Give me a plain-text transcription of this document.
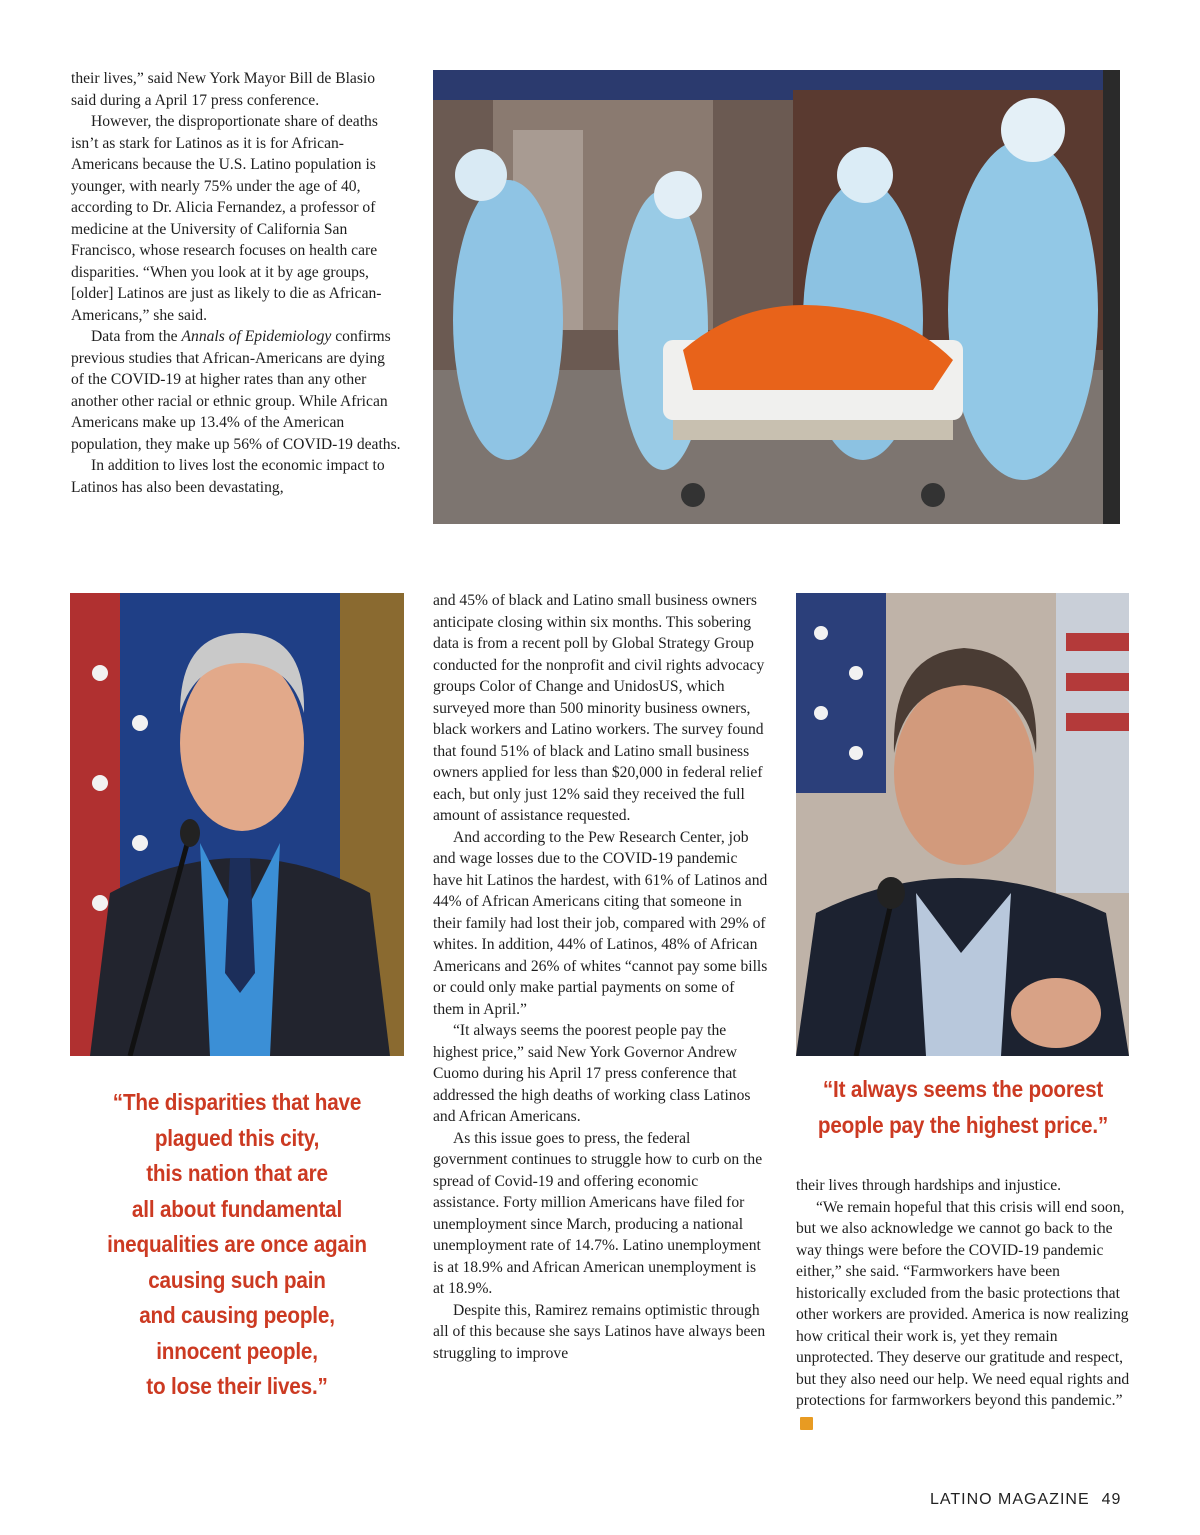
their lives,” said New York Mayor Bill de Blasio said during a April 17 press conference.

However, the disproportionate share of deaths isn’t as stark for Latinos as it is for African-Americans because the U.S. Latino population is younger, with nearly 75% under the age of 40, according to Dr. Alicia Fernandez, a professor of medicine at the University of California San Francisco, whose research focuses on health care disparities. “When you look at it by age groups, [older] Latinos are just as likely to die as African-Americans,” she said.

Data from the Annals of Epidemiology confirms previous studies that African-Americans are dying of the COVID-19 at higher rates than any other another other racial or ethnic group. While African Americans make up 13.4% of the American population, they make up 56% of COVID-19 deaths.

In addition to lives lost the economic impact to Latinos has also been devastating,

and 45% of black and Latino small business owners anticipate closing within six months. This sobering data is from a recent poll by Global Strategy Group conducted for the nonprofit and civil rights advocacy groups Color of Change and UnidosUS, which surveyed more than 500 minority business owners, black workers and Latino workers. The survey found that found 51% of black and Latino small business owners applied for less than $20,000 in federal relief each, but only just 12% said they received the full amount of assistance requested.

And according to the Pew Research Center, job and wage losses due to the COVID-19 pandemic have hit Latinos the hardest, with 61% of Latinos and 44% of African Americans citing that someone in their family had lost their job, compared with 29% of whites. In addition, 44% of Latinos, 48% of African Americans and 26% of whites “cannot pay some bills or could only make partial payments on some of them in April.”

“It always seems the poorest people pay the highest price,” said New York Governor Andrew Cuomo during his April 17 press conference that addressed the high deaths of working class Latinos and African Americans.

As this issue goes to press, the federal government continues to struggle how to curb on the spread of Covid-19 and offering economic assistance. Forty million Americans have filed for unemployment since March, producing a national unemployment rate of 14.7%. Latino unemployment is at 18.9% and African American unemployment is at 18.9%.

Despite this, Ramirez remains optimistic through all of this because she says Latinos have always been struggling to improve

“The disparities that have
plagued this city,
this nation that are
all about fundamental
inequalities are once again
causing such pain
and causing people,
innocent people,
to lose their lives.”
“It always seems the poorest
people pay the highest price.”

their lives through hardships and injustice.

“We remain hopeful that this crisis will end soon, but we also acknowledge we cannot go back to the way things were before the COVID-19 pandemic either,” she said. “Farmworkers have been historically excluded from the basic protections that other workers are provided. America is now realizing how critical their work is, yet they remain unprotected. They deserve our gratitude and respect, but they also need our help. We need equal rights and protections for farmworkers beyond this pandemic.”L

LATINO MAGAZINE 49
